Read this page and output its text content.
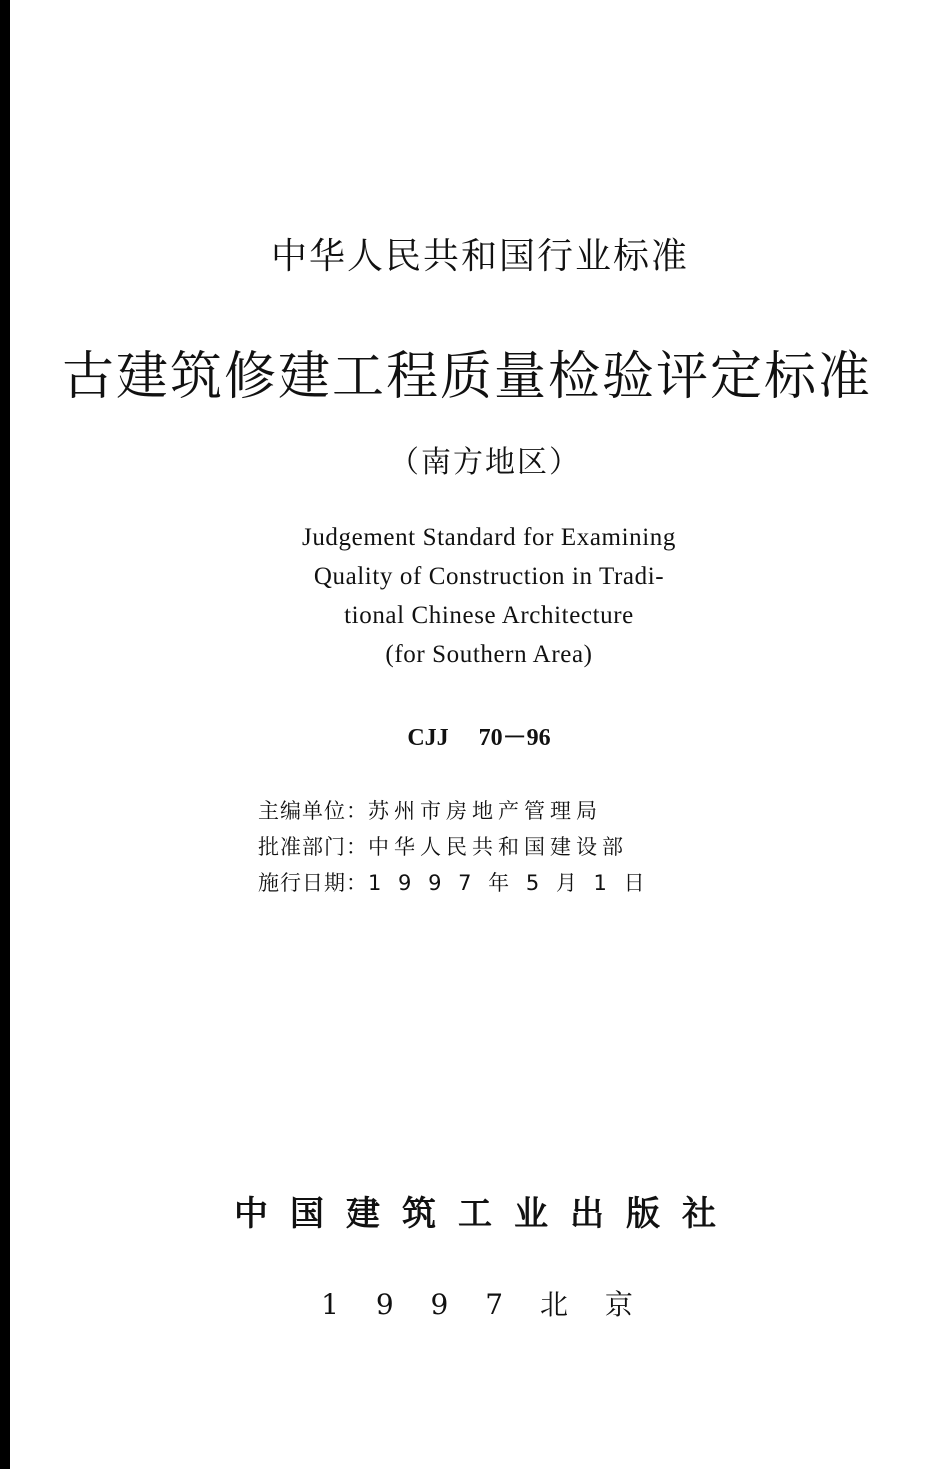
中华人民共和国行业标准
古建筑修建工程质量检验评定标准
（南方地区）
Judgement Standard for Examining
Quality of Construction in Tradi-
tional Chinese Architecture
(for Southern Area)
CJJ 70－96
主编单位：苏州市房地产管理局
批准部门：中华人民共和国建设部
施行日期：1 9 9 7 年 5 月 1 日
中国建筑工业出版社
1 9 9 7 北 京
